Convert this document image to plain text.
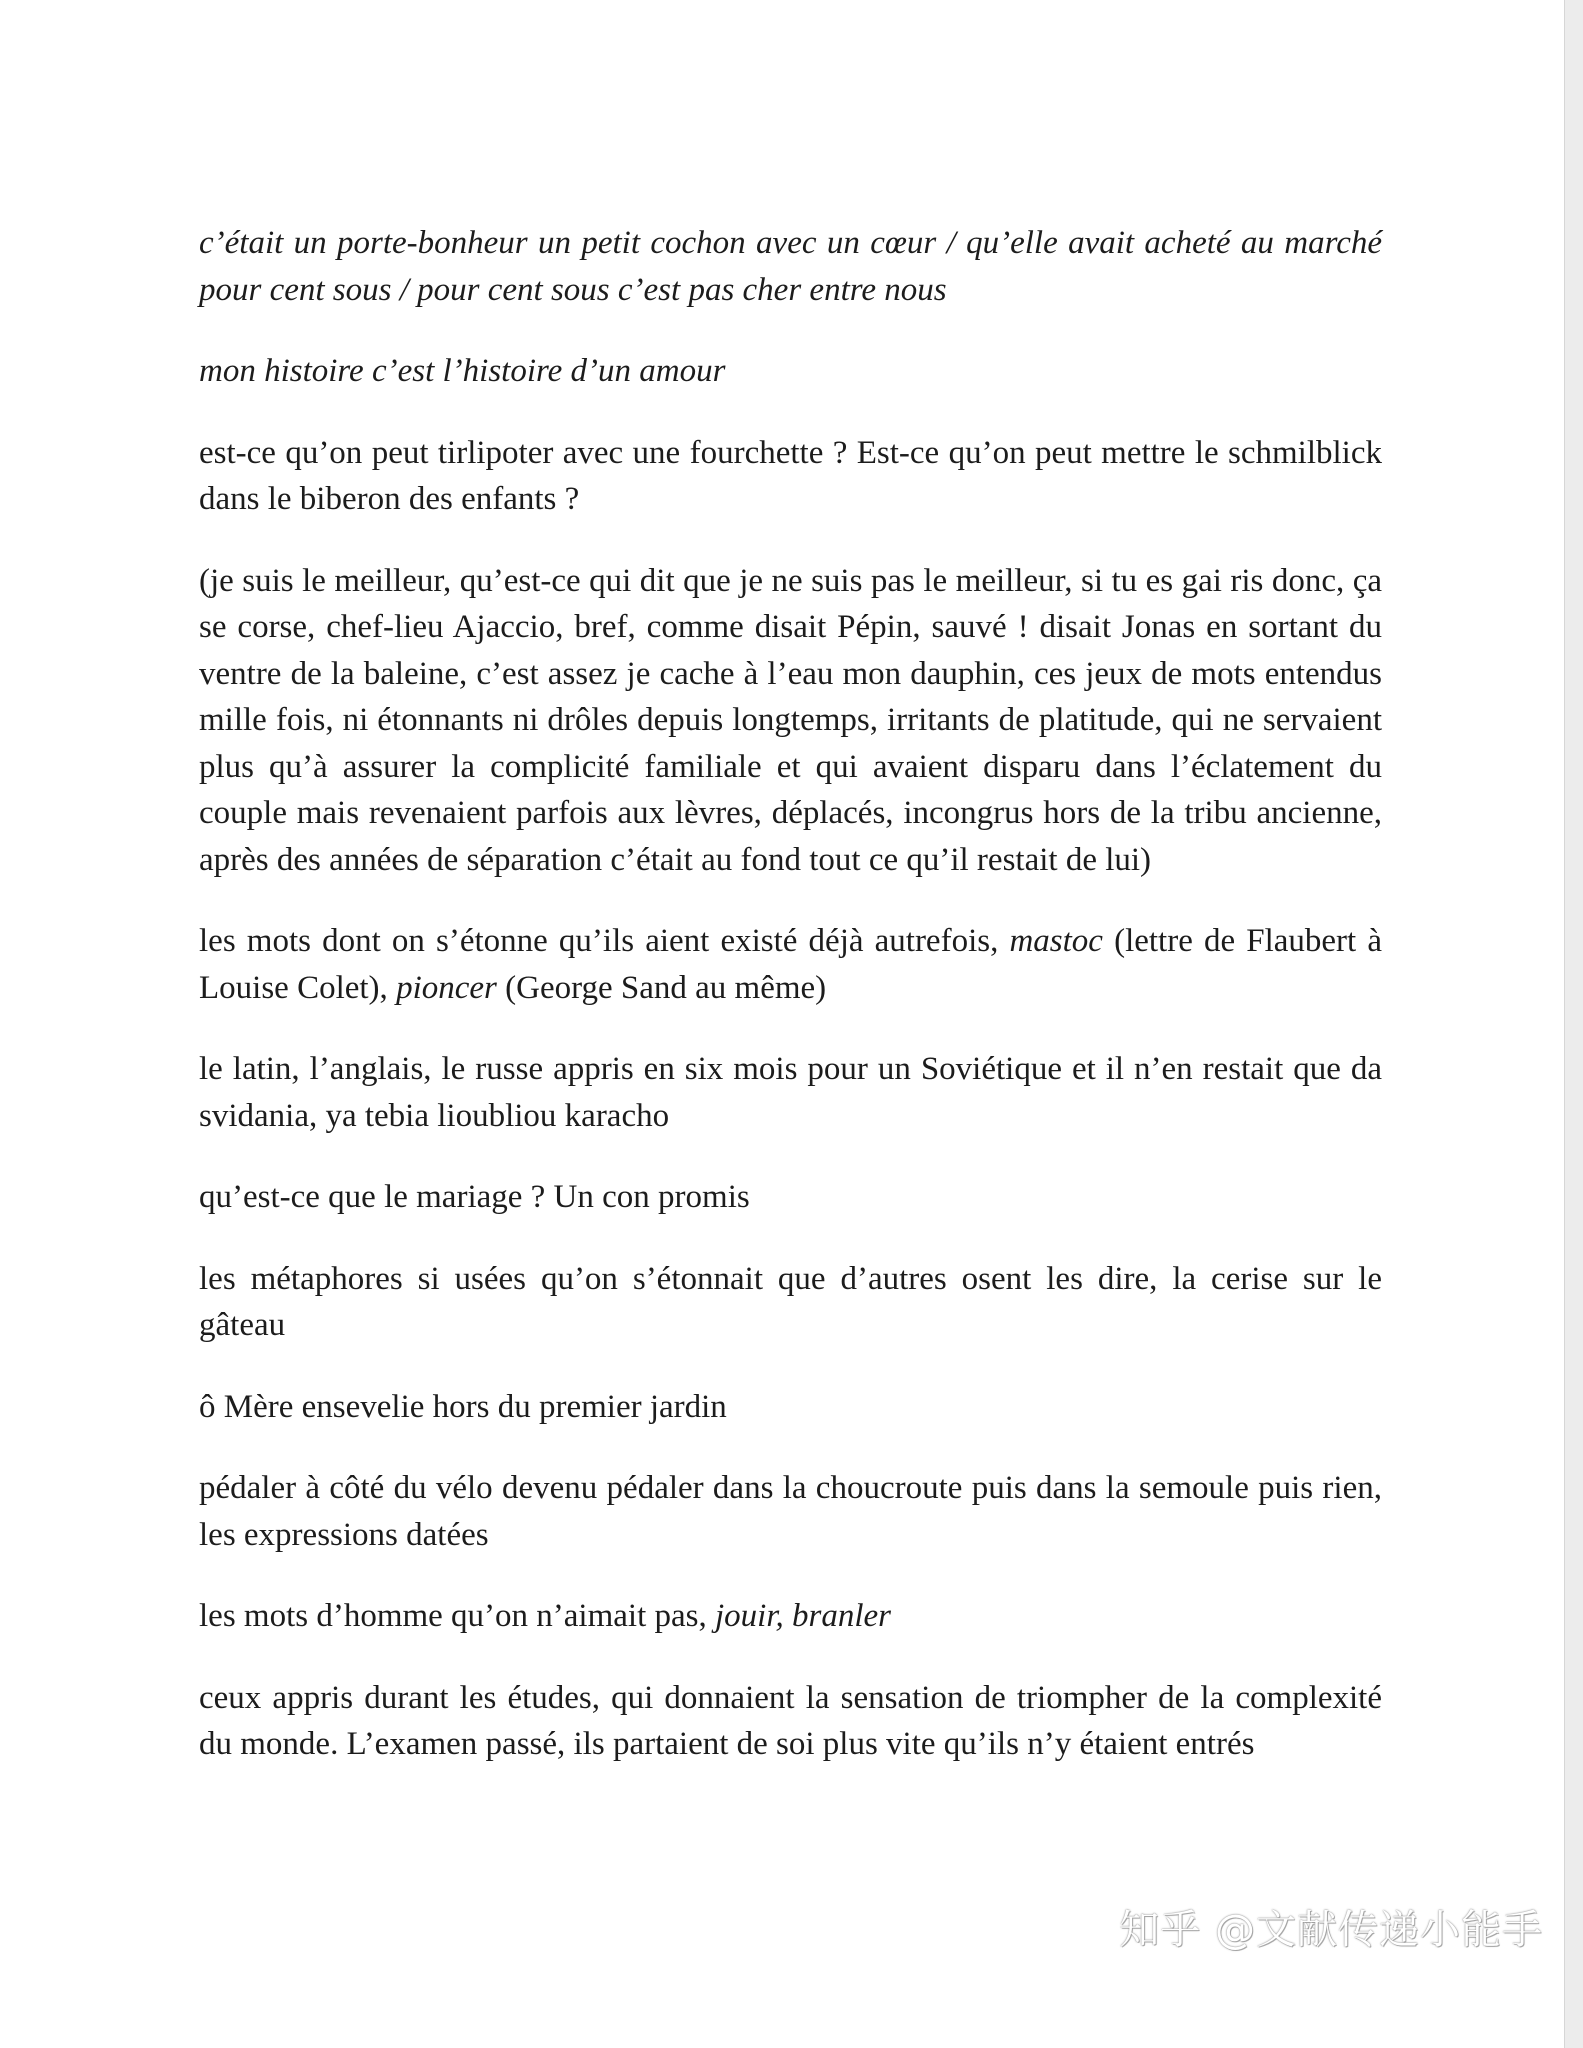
c’était un porte-bonheur un petit cochon avec un cœur / qu’elle avait acheté au marché pour cent sous / pour cent sous c’est pas cher entre nous

mon histoire c’est l’histoire d’un amour

est-ce qu’on peut tirlipoter avec une fourchette ? Est-ce qu’on peut mettre le schmilblick dans le biberon des enfants ?

(je suis le meilleur, qu’est-ce qui dit que je ne suis pas le meilleur, si tu es gai ris donc, ça se corse, chef-lieu Ajaccio, bref, comme disait Pépin, sauvé ! disait Jonas en sortant du ventre de la baleine, c’est assez je cache à l’eau mon dauphin, ces jeux de mots entendus mille fois, ni étonnants ni drôles depuis longtemps, irritants de platitude, qui ne servaient plus qu’à assurer la complicité familiale et qui avaient disparu dans l’éclatement du couple mais revenaient parfois aux lèvres, déplacés, incongrus hors de la tribu ancienne, après des années de séparation c’était au fond tout ce qu’il restait de lui)

les mots dont on s’étonne qu’ils aient existé déjà autrefois, mastoc (lettre de Flaubert à Louise Colet), pioncer (George Sand au même)

le latin, l’anglais, le russe appris en six mois pour un Soviétique et il n’en restait que da svidania, ya tebia lioubliou karacho

qu’est-ce que le mariage ? Un con promis

les métaphores si usées qu’on s’étonnait que d’autres osent les dire, la cerise sur le gâteau

ô Mère ensevelie hors du premier jardin

pédaler à côté du vélo devenu pédaler dans la choucroute puis dans la semoule puis rien, les expressions datées

les mots d’homme qu’on n’aimait pas, jouir, branler

ceux appris durant les études, qui donnaient la sensation de triompher de la complexité du monde. L’examen passé, ils partaient de soi plus vite qu’ils n’y étaient entrés

知乎 @文献传递小能手
